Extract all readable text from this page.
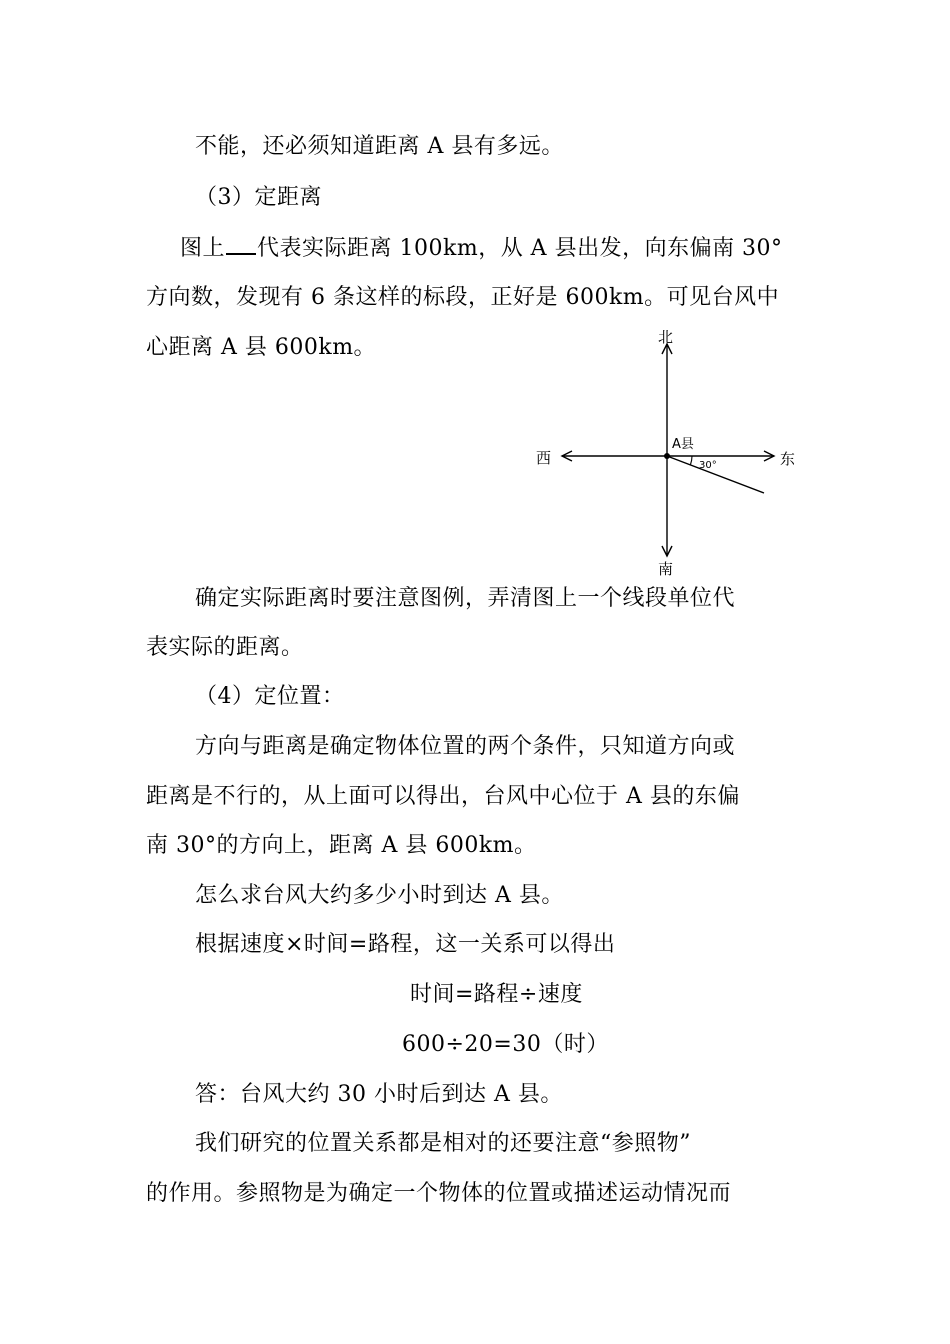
不能，还必须知道距离 A 县有多远。
（3）定距离
图上 代表实际距离 100km，从 A 县出发，向东偏南 30°
方向数，发现有 6 条这样的标段，正好是 600km。可见台风中
心距离 A 县 600km。	北
南
西	东
A县
30°
确定实际距离时要注意图例，弄清图上一个线段单位代
表实际的距离。
（4）定位置：
方向与距离是确定物体位置的两个条件，只知道方向或
距离是不行的，从上面可以得出，台风中心位于 A 县的东偏
南 30°的方向上，距离 A 县 600km。
怎么求台风大约多少小时到达 A 县。
根据速度×时间=路程，这一关系可以得出
时间=路程÷速度
600÷20=30（时）
答：台风大约 30 小时后到达 A 县。
我们研究的位置关系都是相对的还要注意“参照物”
的作用。参照物是为确定一个物体的位置或描述运动情况而
